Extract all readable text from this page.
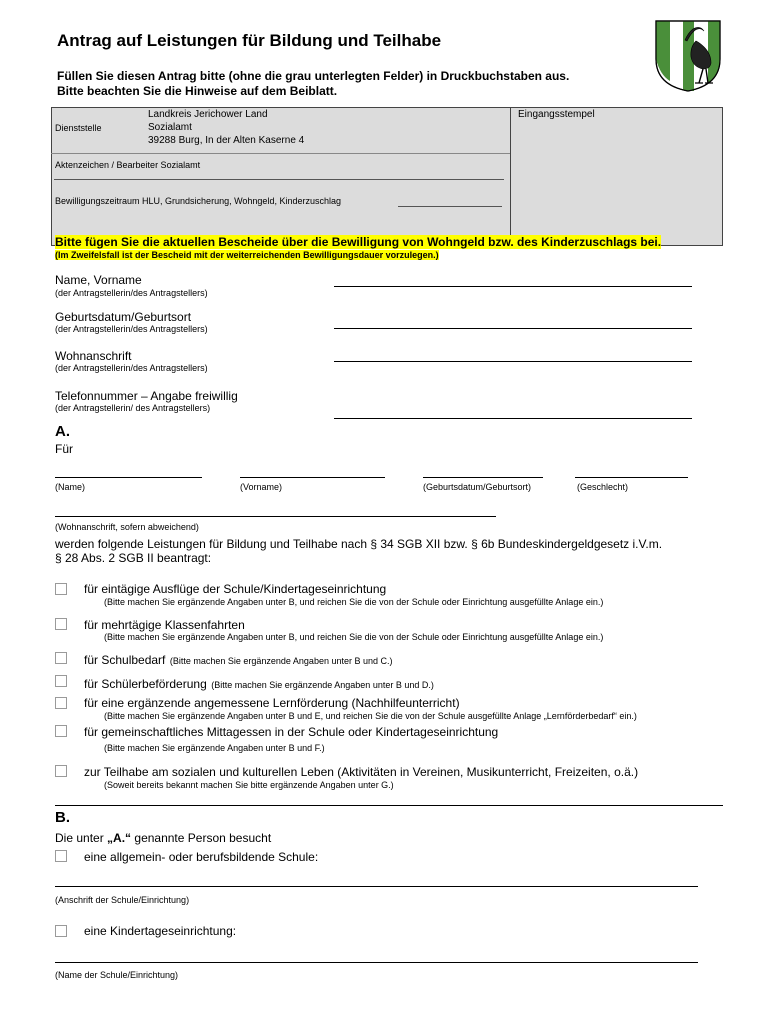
Antrag auf Leistungen für Bildung und Teilhabe
Füllen Sie diesen Antrag bitte (ohne die grau unterlegten Felder) in Druckbuchstaben aus.
Bitte beachten Sie die Hinweise auf dem Beiblatt.
Dienststelle
Landkreis Jerichower Land
Sozialamt
39288 Burg, In der Alten Kaserne 4
Aktenzeichen / Bearbeiter Sozialamt
Bewilligungszeitraum HLU, Grundsicherung, Wohngeld, Kinderzuschlag
Eingangsstempel
Bitte fügen Sie die aktuellen Bescheide über die Bewilligung von Wohngeld bzw. des Kinderzuschlags bei.
(Im Zweifelsfall ist der Bescheid mit der weiterreichenden Bewilligungsdauer vorzulegen.)
Name, Vorname
(der Antragstellerin/des Antragstellers)
Geburtsdatum/Geburtsort
(der Antragstellerin/des Antragstellers)
Wohnanschrift
(der Antragstellerin/des Antragstellers)
Telefonnummer – Angabe freiwillig
(der Antragstellerin/ des Antragstellers)
A.
Für
(Name)	(Vorname)	(Geburtsdatum/Geburtsort)	(Geschlecht)
(Wohnanschrift, sofern abweichend)
werden folgende Leistungen für Bildung und Teilhabe nach § 34 SGB XII bzw. § 6b Bundeskindergeldgesetz i.V.m.
§ 28 Abs. 2 SGB II beantragt:
für eintägige Ausflüge der Schule/Kindertageseinrichtung
(Bitte machen Sie ergänzende Angaben unter B, und reichen Sie die von der Schule oder Einrichtung ausgefüllte Anlage ein.)
für mehrtägige Klassenfahrten
(Bitte machen Sie ergänzende Angaben unter B, und reichen Sie die von der Schule oder Einrichtung ausgefüllte Anlage ein.)
für Schulbedarf (Bitte machen Sie ergänzende Angaben unter B und C.)
für Schülerbeförderung (Bitte machen Sie ergänzende Angaben unter B und D.)
für eine ergänzende angemessene Lernförderung (Nachhilfeunterricht)
(Bitte machen Sie ergänzende Angaben unter B und E, und reichen Sie die von der Schule ausgefüllte Anlage „Lernförderbedarf“ ein.)
für gemeinschaftliches Mittagessen in der Schule oder Kindertageseinrichtung
(Bitte machen Sie ergänzende Angaben unter B und F.)
zur Teilhabe am sozialen und kulturellen Leben (Aktivitäten in Vereinen, Musikunterricht, Freizeiten, o.ä.)
(Soweit bereits bekannt machen Sie bitte ergänzende Angaben unter G.)
B.
Die unter „A.“ genannte Person besucht
eine allgemein- oder berufsbildende Schule:
(Anschrift der Schule/Einrichtung)
eine Kindertageseinrichtung:
(Name der Schule/Einrichtung)
